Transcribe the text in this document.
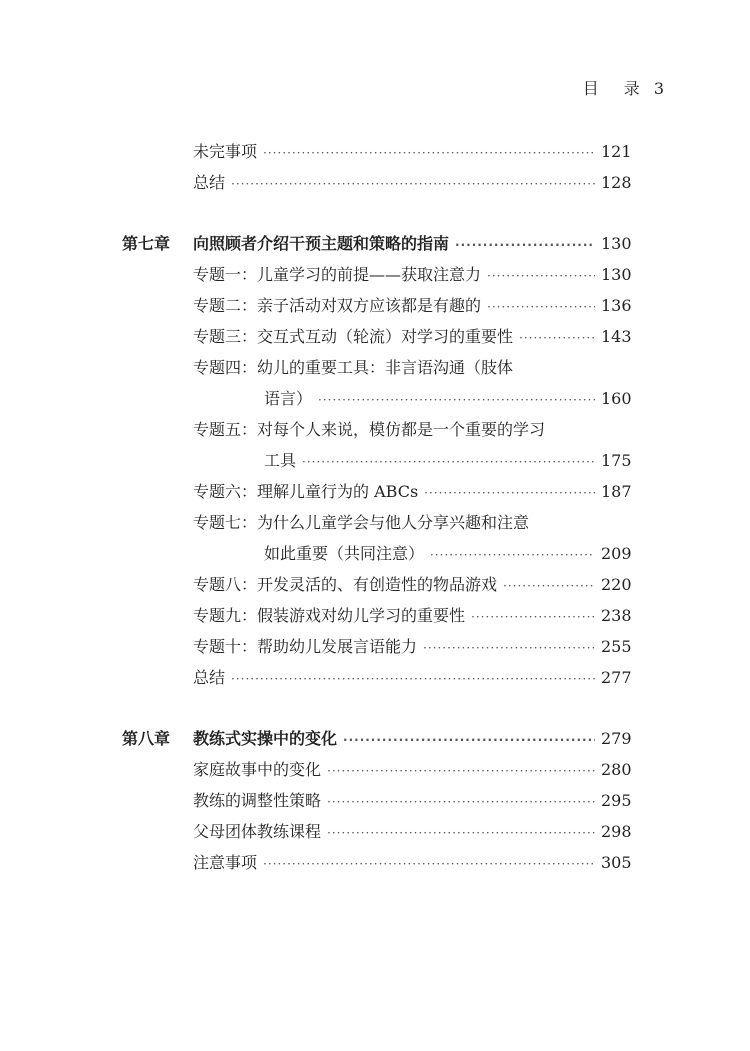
目 录 3
未完事项 ·····	121
总结 ·····	128
第七章 向照顾者介绍干预主题和策略的指南 ·····	130
专题一：儿童学习的前提——获取注意力 ·····	130
专题二：亲子活动对双方应该都是有趣的 ·····	136
专题三：交互式互动（轮流）对学习的重要性 ·····	143
专题四：幼儿的重要工具：非言语沟通（肢体
语言） ·····	160
专题五：对每个人来说，模仿都是一个重要的学习
工具 ·····	175
专题六：理解儿童行为的 ABCs ·····	187
专题七：为什么儿童学会与他人分享兴趣和注意
如此重要（共同注意） ·····	209
专题八：开发灵活的、有创造性的物品游戏 ·····	220
专题九：假装游戏对幼儿学习的重要性 ·····	238
专题十：帮助幼儿发展言语能力 ·····	255
总结 ·····	277
第八章 教练式实操中的变化 ·····	279
家庭故事中的变化 ·····	280
教练的调整性策略 ·····	295
父母团体教练课程 ·····	298
注意事项 ·····	305
